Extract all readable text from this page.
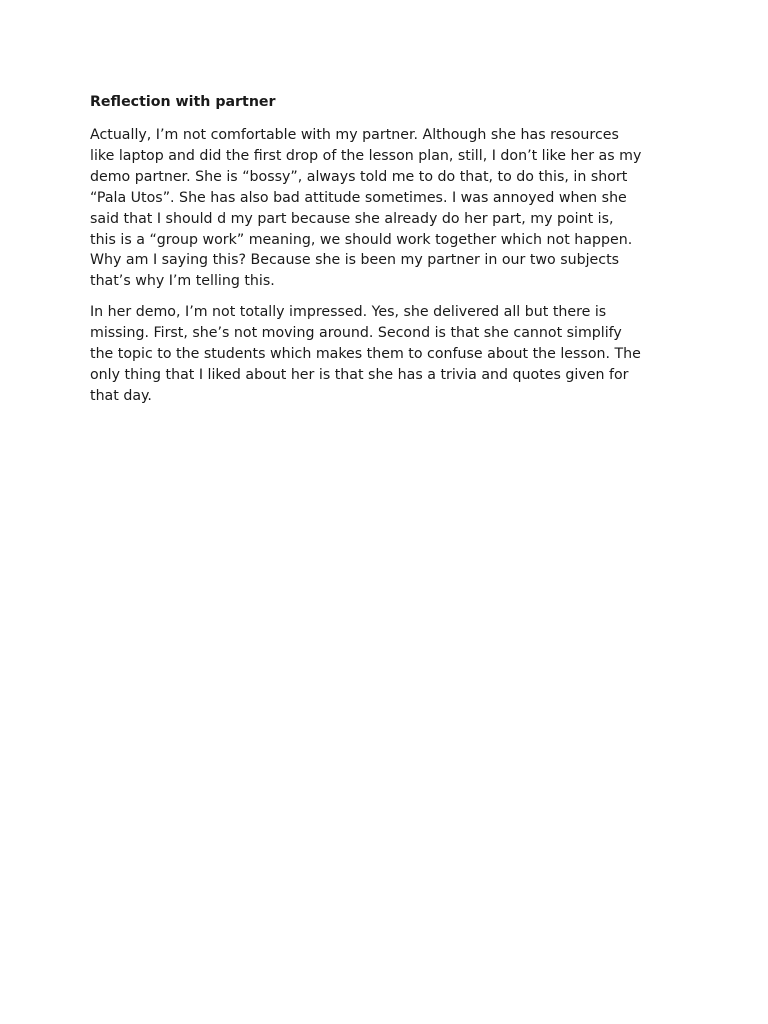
Reflection with partner

Actually, I’m not comfortable with my partner. Although she has resources
like laptop and did the first drop of the lesson plan, still, I don’t like her as my
demo partner. She is “bossy”, always told me to do that, to do this, in short
“Pala Utos”. She has also bad attitude sometimes. I was annoyed when she
said that I should d my part because she already do her part, my point is,
this is a “group work” meaning, we should work together which not happen.
Why am I saying this? Because she is been my partner in our two subjects
that’s why I’m telling this.

In her demo, I’m not totally impressed. Yes, she delivered all but there is
missing. First, she’s not moving around. Second is that she cannot simplify
the topic to the students which makes them to confuse about the lesson. The
only thing that I liked about her is that she has a trivia and quotes given for
that day.
